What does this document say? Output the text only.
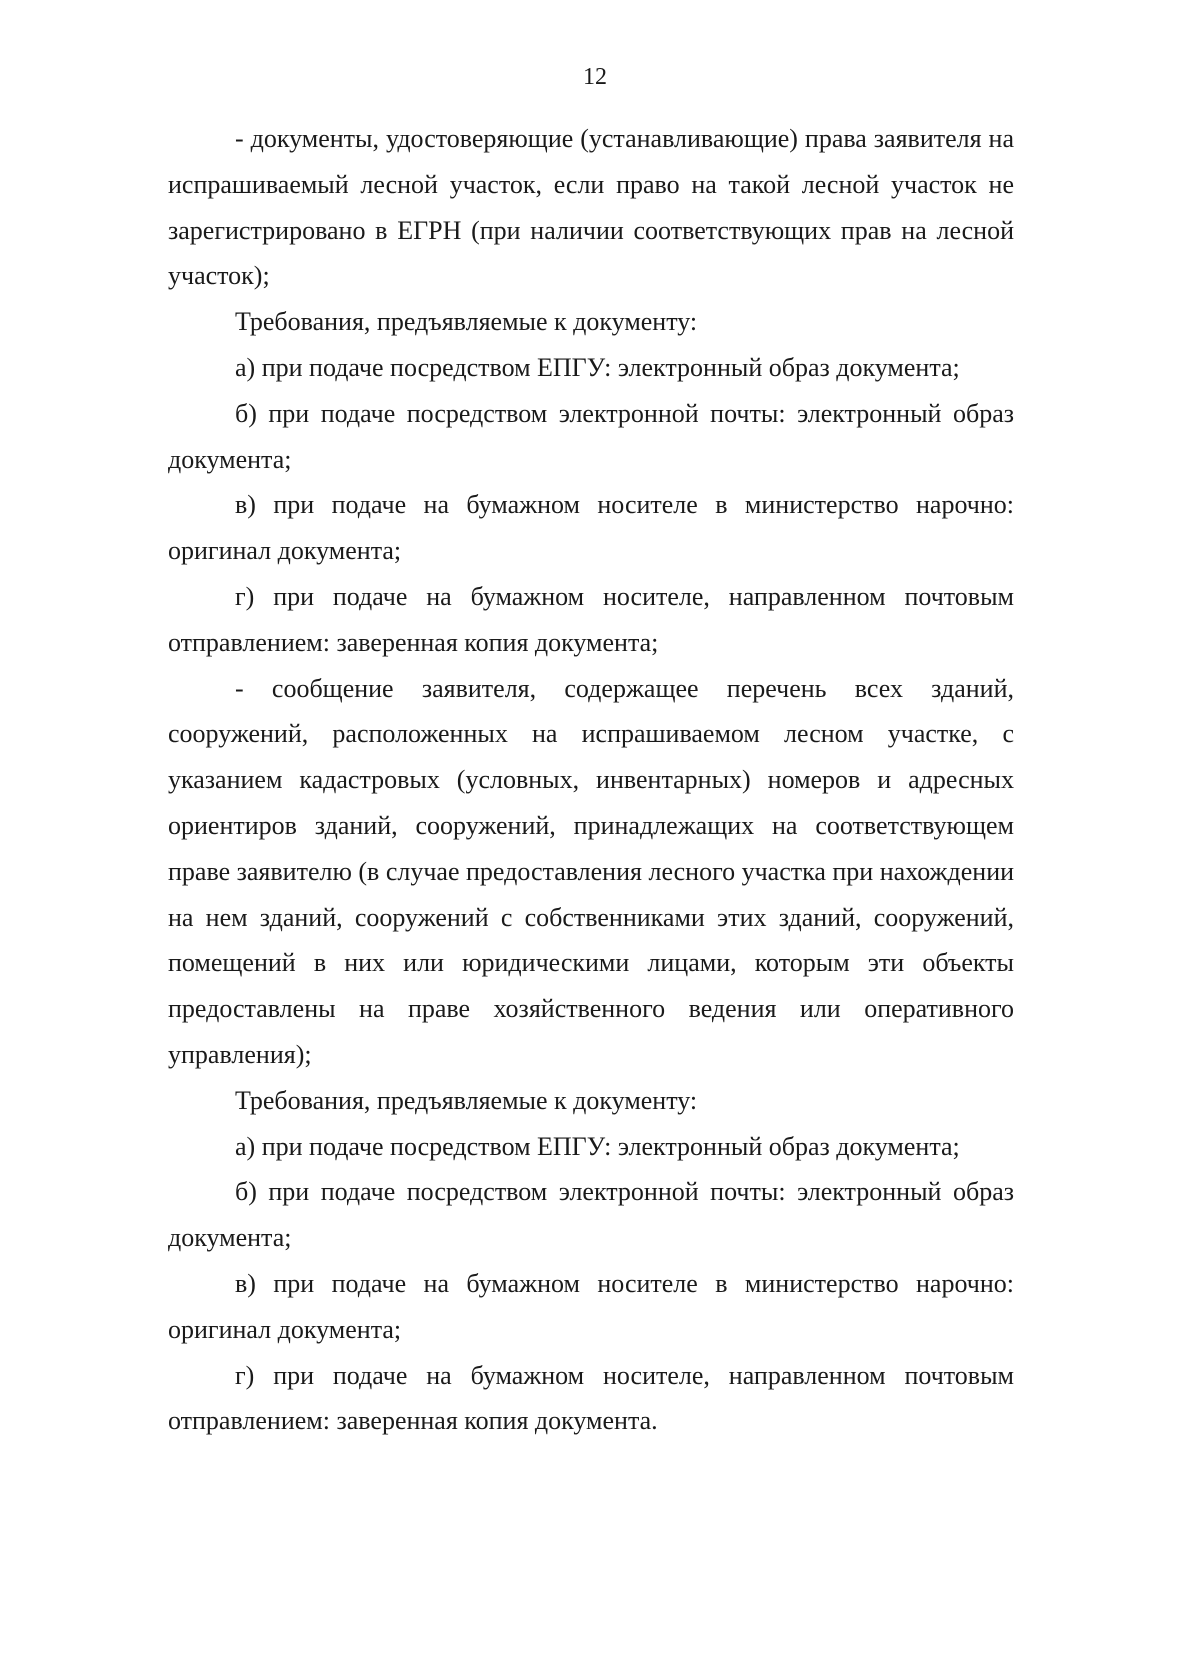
12

- документы, удостоверяющие (устанавливающие) права заявителя на испрашиваемый лесной участок, если право на такой лесной участок не зарегистрировано в ЕГРН (при наличии соответствующих прав на лесной участок);

Требования, предъявляемые к документу:

а) при подаче посредством ЕПГУ: электронный образ документа;

б) при подаче посредством электронной почты: электронный образ документа;

в) при подаче на бумажном носителе в министерство нарочно: оригинал документа;

г) при подаче на бумажном носителе, направленном почтовым отправлением: заверенная копия документа;

- сообщение заявителя, содержащее перечень всех зданий, сооружений, расположенных на испрашиваемом лесном участке, с указанием кадастровых (условных, инвентарных) номеров и адресных ориентиров зданий, сооружений, принадлежащих на соответствующем праве заявителю (в случае предоставления лесного участка при нахождении на нем зданий, сооружений с собственниками этих зданий, сооружений, помещений в них или юридическими лицами, которым эти объекты предоставлены на праве хозяйственного ведения или оперативного управления);

Требования, предъявляемые к документу:

а) при подаче посредством ЕПГУ: электронный образ документа;

б) при подаче посредством электронной почты: электронный образ документа;

в) при подаче на бумажном носителе в министерство нарочно: оригинал документа;

г) при подаче на бумажном носителе, направленном почтовым отправлением: заверенная копия документа.
